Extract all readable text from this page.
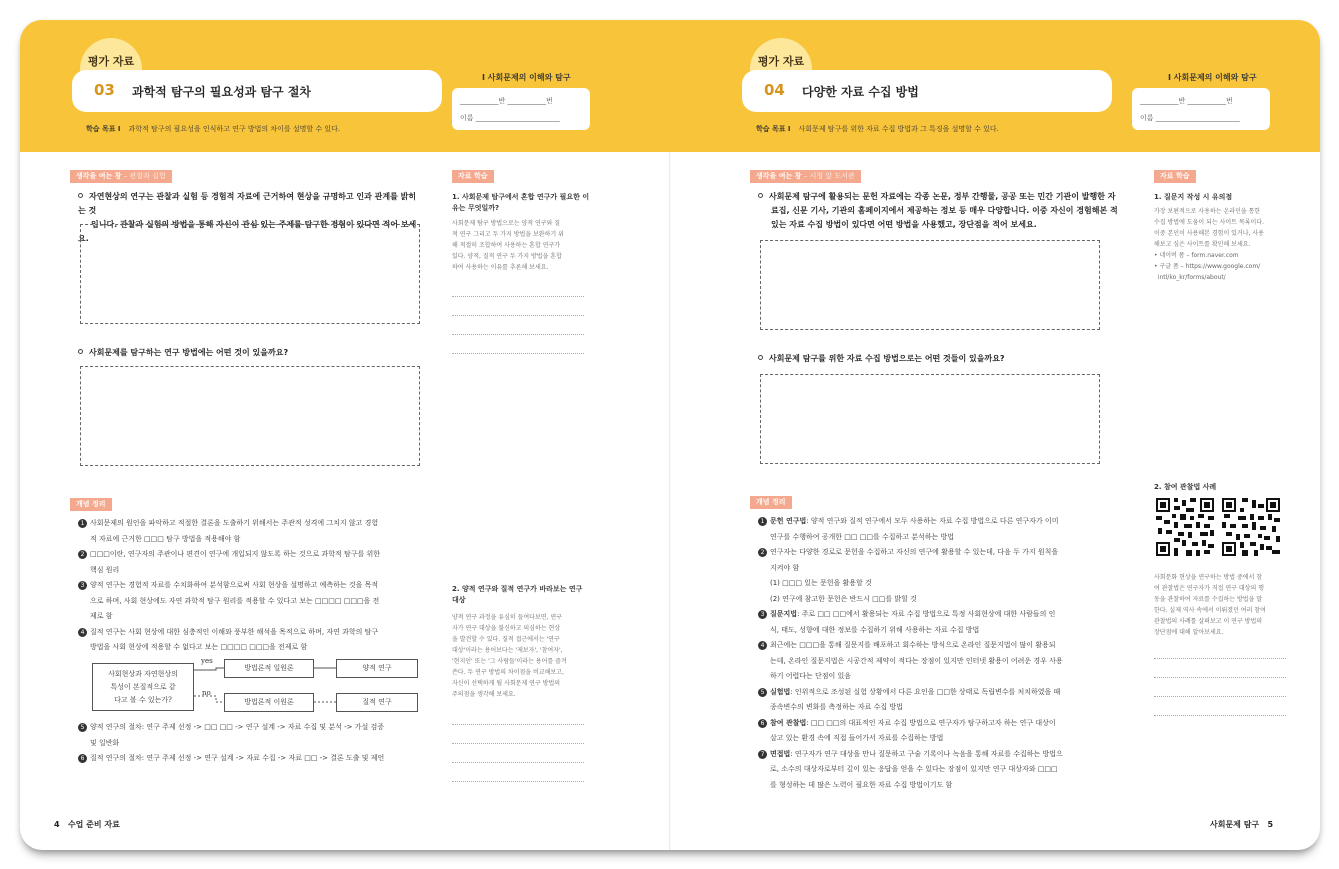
평가 자료
03 과학적 탐구의 필요성과 탐구 절차
I 사회문제의 이해와 탐구
___________반 ___________번
이름 ________________________
학습 목표 I 과학적 탐구의 필요성을 인식하고 연구 방법의 차이를 설명할 수 있다.
생각을 여는 창 – 관찰과 실험
자연현상의 연구는 관찰과 실험 등 경험적 자료에 근거하여 현상을 규명하고 인과 관계를 밝히는 것
입니다. 관찰과 실험의 방법을 통해 자신이 관심 있는 주제를 탐구한 경험이 있다면 적어 보세요.
사회문제를 탐구하는 연구 방법에는 어떤 것이 있을까요?
자료 학습
1. 사회문제 탐구에서 혼합 연구가 필요한 이
유는 무엇일까?
사회문제 탐구 방법으로는 양적 연구와 질
적 연구 그리고 두 가지 방법을 보완하기 위
해 적절히 조합하여 사용하는 혼합 연구가
있다. 양적, 질적 연구 두 가지 방법을 혼합
하여 사용하는 이유를 추론해 보세요.
개념 정리
1 사회문제의 원인을 파악하고 적절한 결론을 도출하기 위해서는 주관적 성격에 그치지 않고 경험
적 자료에 근거한 □□□ 탐구 방법을 적용해야 함
2 □□□이란, 연구자의 주관이나 편견이 연구에 개입되지 않도록 하는 것으로 과학적 탐구를 위한
핵심 원리
3 양적 연구는 경험적 자료를 수치화하여 분석함으로써 사회 현상을 설명하고 예측하는 것을 목적
으로 하며, 사회 현상에도 자연 과학적 탐구 원리를 적용할 수 있다고 보는 □□□□ □□□을 전
제로 함
4 질적 연구는 사회 현상에 대한 심층적인 이해와 풍부한 해석을 목적으로 하며, 자연 과학의 탐구
방법을 사회 현상에 적용할 수 없다고 보는 □□□□ □□□을 전제로 함
사회현상과 자연현상의
특성이 본질적으로 같
다고 볼 수 있는가?
yes
no
방법론적 일원론
방법론적 이원론
양적 연구
질적 연구
5 양적 연구의 절차: 연구 주제 선정 -> □□ □□ -> 연구 설계 -> 자료 수집 및 분석 -> 가설 검증
및 일반화
6 질적 연구의 절차: 연구 주제 선정 -> 연구 설계 -> 자료 수집 -> 자료 □□ -> 결론 도출 및 제언
2. 양적 연구와 질적 연구가 바라보는 연구
대상
양적 연구 과정을 유심히 들여다보면, 연구
자가 연구 대상을 불신하고 의심하는 현상
을 발견할 수 있다. 질적 접근에서는 '연구
대상'이라는 용어보다는 '제보자', '참여자',
'현지인' 또는 '그 사람들'이라는 용어를 즐겨
쓴다. 두 연구 방법의 차이점을 비교해보고,
자신이 선택하게 될 사회문제 연구 방법의
주의점을 생각해 보세요.
4 수업 준비 자료
평가 자료
04 다양한 자료 수집 방법
I 사회문제의 이해와 탐구
___________반 ___________번
이름 ________________________
학습 목표 I 사회문제 탐구를 위한 자료 수집 방법과 그 특징을 설명할 수 있다.
생각을 여는 창 – 시청 앞 도서관
사회문제 탐구에 활용되는 문헌 자료에는 각종 논문, 정부 간행물, 공공 또는 민간 기관이 발행한 자
료집, 신문 기사, 기관의 홈페이지에서 제공하는 정보 등 매우 다양합니다. 이중 자신이 경험해본 적
있는 자료 수집 방법이 있다면 어떤 방법을 사용했고, 장단점을 적어 보세요.
사회문제 탐구를 위한 자료 수집 방법으로는 어떤 것들이 있을까요?
자료 학습
1. 질문지 작성 시 유의점
가장 보편적으로 사용하는 온라인을 통한
수집 방법에 도움이 되는 사이트 목록이다.
이중 본인이 사용해본 경험이 있거나, 사용
해보고 싶은 사이트를 확인해 보세요.
• 네이버 폼 – form.naver.com
• 구글 폼 – https://www.google.com/
intl/ko_kr/forms/about/
2. 참여 관찰법 사례
사회문화 현상을 연구하는 방법 중에서 참
여 관찰법은 연구자가 직접 연구 대상의 행
동을 관찰하여 자료를 수집하는 방법을 말
한다. 실제 역사 속에서 이뤄졌던 여러 참여
관찰법의 사례를 살펴보고 이 연구 방법의
장단점에 대해 알아보세요.
개념 정리
1 문헌 연구법: 양적 연구와 질적 연구에서 모두 사용하는 자료 수집 방법으로 다른 연구자가 이미
연구를 수행하여 공개한 □□ □□를 수집하고 분석하는 방법
2 연구자는 다양한 경로로 문헌을 수집하고 자신의 연구에 활용할 수 있는데, 다음 두 가지 원칙을
지켜야 함
(1) □□□ 있는 문헌을 활용할 것
(2) 연구에 참고한 문헌은 반드시 □□를 밝힐 것
3 질문지법: 주로 □□ □□에서 활용되는 자료 수집 방법으로 특정 사회현상에 대한 사람들의 인
식, 태도, 성향에 대한 정보를 수집하기 위해 사용하는 자료 수집 방법
4 최근에는 □□□을 통해 질문지를 배포하고 회수하는 방식으로 온라인 질문지법이 많이 활용되
는데, 온라인 질문지법은 시공간적 제약이 적다는 장점이 있지만 인터넷 활용이 어려운 경우 사용
하기 어렵다는 단점이 있음
5 실험법: 인위적으로 조성된 실험 상황에서 다른 요인을 □□한 상태로 독립변수를 처치하였을 때
종속변수의 변화를 측정하는 자료 수집 방법
6 참여 관찰법: □□ □□의 대표적인 자료 수집 방법으로 연구자가 탐구하고자 하는 연구 대상이
살고 있는 환경 속에 직접 들어가서 자료를 수집하는 방법
7 면접법: 연구자가 연구 대상을 만나 질문하고 구술 기록이나 녹음을 통해 자료를 수집하는 방법으
로, 소수의 대상자로부터 깊이 있는 응답을 얻을 수 있다는 장점이 있지만 연구 대상자와 □□□
를 형성하는 데 많은 노력이 필요한 자료 수집 방법이기도 함
사회문제 탐구 5
